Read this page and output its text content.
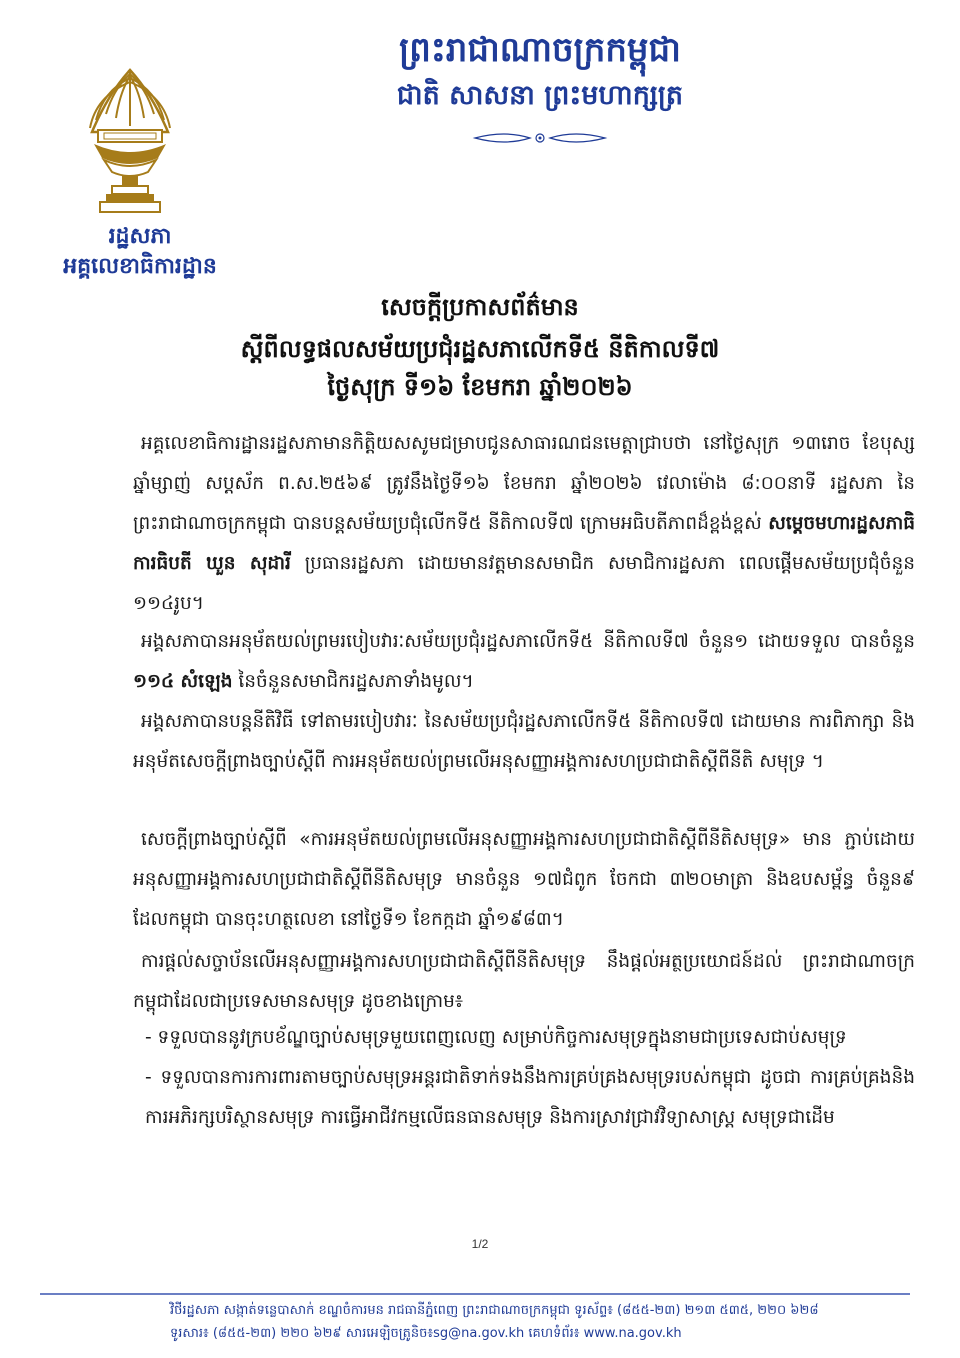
ព្រះរាជាណាចក្រកម្ពុជា
ជាតិ សាសនា ព្រះមហាក្សត្រ
រដ្ឋសភា
អគ្គលេខាធិការដ្ឋាន
សេចក្តីប្រកាសព័ត៌មាន
ស្តីពីលទ្ធផលសម័យប្រជុំរដ្ឋសភាលើកទី៥ នីតិកាលទី៧
ថ្ងៃសុក្រ ទី១៦ ខែមករា ឆ្នាំ២០២៦
អគ្គលេខាធិការដ្ឋានរដ្ឋសភាមានកិត្តិយសសូមជម្រាបជូនសាធារណជនមេត្តាជ្រាបថា នៅថ្ងៃសុក្រ ១៣រោច ខែបុស្ស ឆ្នាំម្សាញ់ សប្តស័ក ព.ស.២៥៦៩ ត្រូវនឹងថ្ងៃទី១៦ ខែមករា ឆ្នាំ២០២៦ វេលាម៉ោង ៨:០០នាទី រដ្ឋសភា នៃព្រះរាជាណាចក្រកម្ពុជា បានបន្តសម័យប្រជុំលើកទី៥ នីតិកាលទី៧ ក្រោមអធិបតីភាពដ៏ខ្ពង់ខ្ពស់ សម្តេចមហារដ្ឋសភាធិការធិបតី ឃួន សុដារី ប្រធានរដ្ឋសភា ដោយមានវត្តមានសមាជិក សមាជិការដ្ឋសភា ពេលផ្តើមសម័យប្រជុំចំនួន ១១៤រូប។
អង្គសភាបានអនុម័តយល់ព្រមរបៀបវារៈសម័យប្រជុំរដ្ឋសភាលើកទី៥ នីតិកាលទី៧ ចំនួន១ ដោយទទួល បានចំនួន ១១៤ សំឡេង នៃចំនួនសមាជិករដ្ឋសភាទាំងមូល។
អង្គសភាបានបន្តនីតិវិធី ទៅតាមរបៀបវារៈ នៃសម័យប្រជុំរដ្ឋសភាលើកទី៥ នីតិកាលទី៧ ដោយមាន ការពិភាក្សា និងអនុម័តសេចក្តីព្រាងច្បាប់ស្តីពី ការអនុម័តយល់ព្រមលើអនុសញ្ញាអង្គការសហប្រជាជាតិស្តីពីនីតិ សមុទ្រ ។
សេចក្តីព្រាងច្បាប់ស្តីពី «ការអនុម័តយល់ព្រមលើអនុសញ្ញាអង្គការសហប្រជាជាតិស្តីពីនីតិសមុទ្រ» មាន ភ្ជាប់ដោយអនុសញ្ញាអង្គការសហប្រជាជាតិស្តីពីនីតិសមុទ្រ មានចំនួន ១៧ជំពូក ចែកជា ៣២០មាត្រា និងឧបសម្ព័ន្ធ ចំនួន៩ ដែលកម្ពុជា បានចុះហត្ថលេខា នៅថ្ងៃទី១ ខែកក្កដា ឆ្នាំ១៩៨៣។
ការផ្តល់សច្ចាប័នលើអនុសញ្ញាអង្គការសហប្រជាជាតិស្តីពីនីតិសមុទ្រ នឹងផ្តល់អត្ថប្រយោជន៍ដល់ ព្រះរាជាណាចក្រកម្ពុជាដែលជាប្រទេសមានសមុទ្រ ដូចខាងក្រោម៖
- ទទួលបាននូវក្របខ័ណ្ឌច្បាប់សមុទ្រមួយពេញលេញ សម្រាប់កិច្ចការសមុទ្រក្នុងនាមជាប្រទេសជាប់សមុទ្រ
- ទទួលបានការការពារតាមច្បាប់សមុទ្រអន្តរជាតិទាក់ទងនឹងការគ្រប់គ្រងសមុទ្ររបស់កម្ពុជា ដូចជា ការគ្រប់គ្រងនិងការអភិរក្សបរិស្ថានសមុទ្រ ការធ្វើអាជីវកម្មលើធនធានសមុទ្រ និងការស្រាវជ្រាវវិទ្យាសាស្ត្រ សមុទ្រជាដើម
1/2
វិថីរដ្ឋសភា សង្កាត់ទន្លេបាសាក់ ខណ្ឌចំការមន រាជធានីភ្នំពេញ ព្រះរាជាណាចក្រកម្ពុជា ទូរស័ព្ទ៖ (៨៥៥-២៣) ២១៣ ៥៣៥, ២២០ ៦២៨
ទូរសារ៖ (៨៥៥-២៣) ២២០ ៦២៩ សារអេឡិចត្រូនិច៖sg@na.gov.kh គេហទំព័រ៖ www.na.gov.kh
